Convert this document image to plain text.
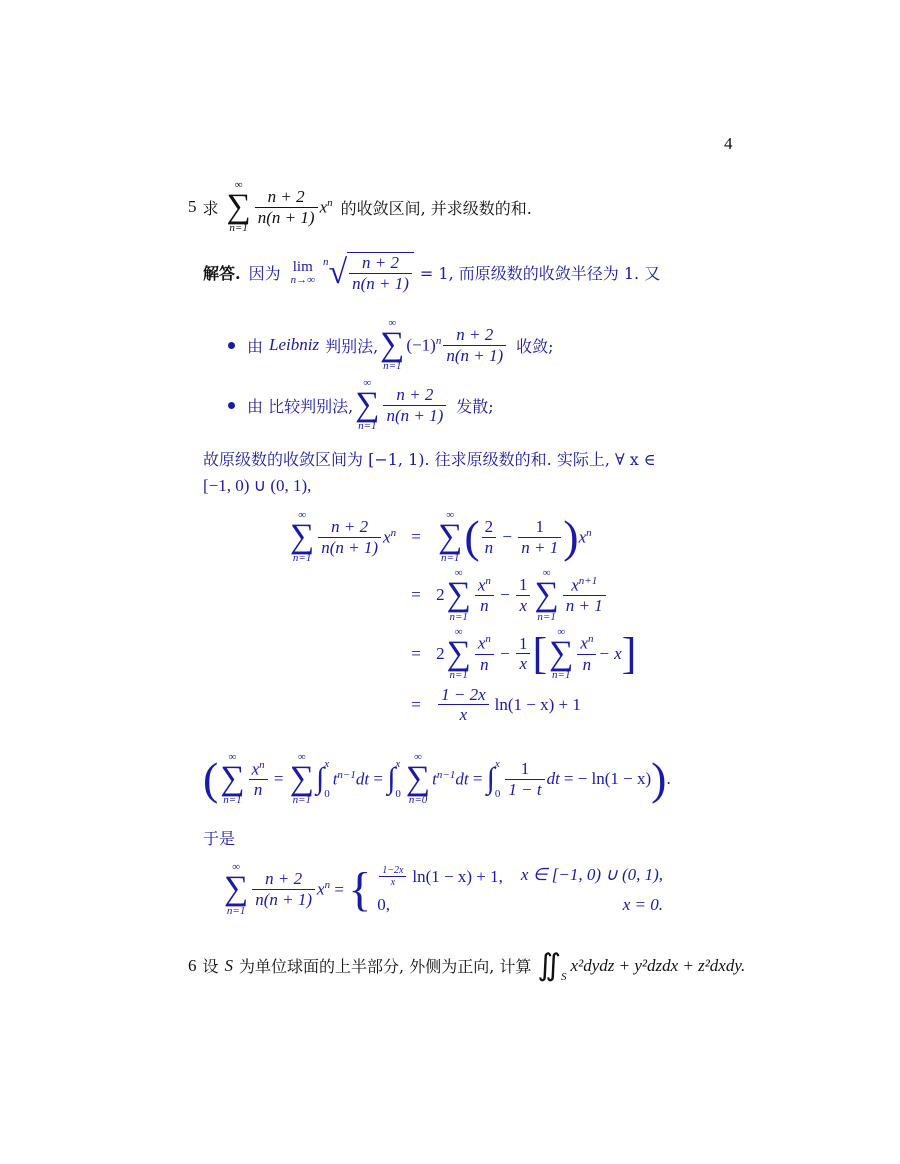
4
5 求
∞
∑
n=1
$\frac{n + 2}{n(n + 1)} x^n$ 的收敛区间, 并求级数的和.
解答. 因为 lim
n→∞
n √ $\frac{n + 2}{n(n + 1)} = 1$, 而原级数的收敛半径为 1. 又
由 Leibniz 判别法,
∞
∑
n=1
$(-1)^n \frac{n + 2}{n(n + 1)}$ 收敛;
由 比较判别法,
∞
∑
n=1
$\frac{n + 2}{n(n + 1)}$ 发散;
故原级数的收敛区间为 [−1, 1). 往求原级数的和. 实际上, ∀ x ∈
[−1, 0) ∪ (0, 1),
∞
∑
n=1
$\frac{n + 2}{n(n + 1)} x^n$ =
∞
∑
n=1 ( $\frac{2}{n} - \frac{1}{n + 1}$ ) $x^n$
= 2
∞
∑
n=1
$\frac{x^n}{n} - \frac{1}{x}$
∞
∑
n=1
$\frac{x^{n+1}}{n + 1}$
= 2
∞
∑
n=1
$\frac{x^n}{n} - \frac{1}{x}$ [ ∞
∑
n=1
$\frac{x^n}{n} - x$ ]
=	$\frac{1 - 2x}{x} \ln(1 - x) + 1$
( ∞
∑
n=1
$\frac{x^n}{n}$ =
∞
∑
n=1
∫ x
0
$t^{n-1}dt$ = ∫ x
0
∞
∑
n=0
$t^{n-1}dt$ = ∫ x
$0 \frac{1}{1 - t}$ dt = − ln(1 − x) ) .
于是
∞
∑
n=1
$\frac{n + 2}{n(n + 1)} x^n$ = { $\frac{1-2x}{x} \ln(1 - x) + 1$, x ∈ [−1, 0) ∪ (0, 1),
0,	x = 0.
6 设 S 为单位球面的上半部分, 外侧为正向, 计算 ∬ S
x²dydz + y²dzdx + z²dxdy.
